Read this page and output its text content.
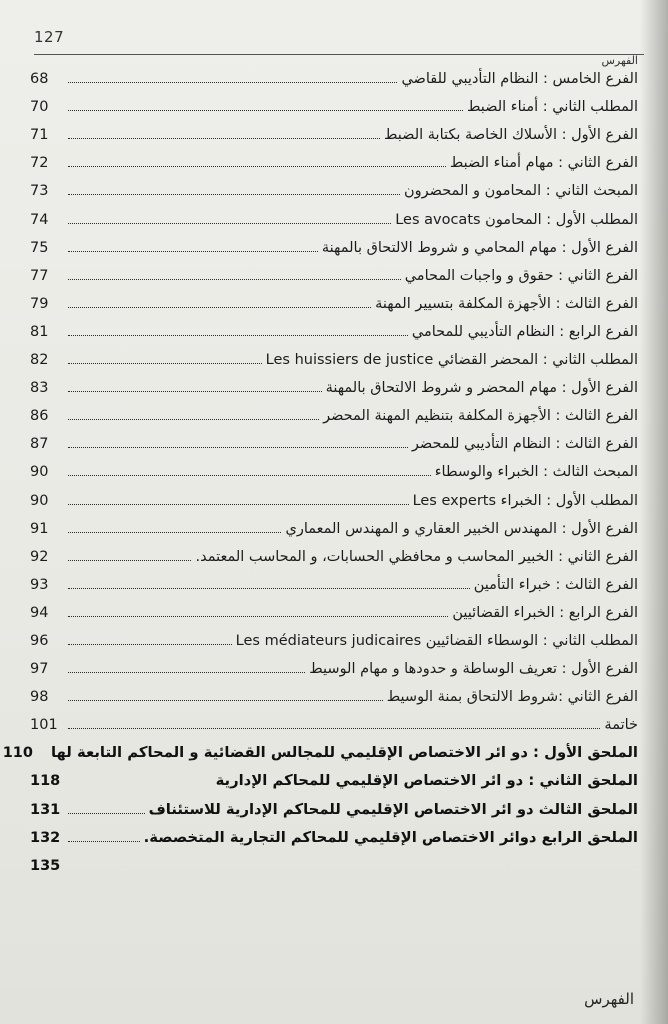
127
الفهرس
الفرع الخامس : النظام التأديبي للقاضي
68
المطلب الثاني : أمناء الضبط
70
الفرع الأول : الأسلاك الخاصة بكتابة الضبط
71
الفرع الثاني : مهام أمناء الضبط
72
المبحث الثاني : المحامون و المحضرون
73
المطلب الأول : المحامون Les avocats
74
الفرع الأول : مهام المحامي و شروط الالتحاق بالمهنة
75
الفرع الثاني : حقوق و واجبات المحامي
77
الفرع الثالث : الأجهزة المكلفة بتسيير المهنة
79
الفرع الرابع : النظام التأديبي للمحامي
81
المطلب الثاني : المحضر القضائي Les huissiers de justice
82
الفرع الأول : مهام المحضر و شروط الالتحاق بالمهنة
83
الفرع الثالث : الأجهزة المكلفة بتنظيم المهنة المحضر
86
الفرع الثالث : النظام التأديبي للمحضر
87
المبحث الثالث : الخبراء والوسطاء
90
المطلب الأول : الخبراء Les experts
90
الفرع الأول : المهندس الخبير العقاري و المهندس المعماري
91
الفرع الثاني : الخبير المحاسب و محافظي الحسابات، و المحاسب المعتمد.
92
الفرع الثالث : خبراء التأمين
93
الفرع الرابع : الخبراء القضائيين
94
المطلب الثاني : الوسطاء القضائيين Les médiateurs judicaires
96
الفرع الأول : تعريف الوساطة و حدودها و مهام الوسيط
97
الفرع الثاني :شروط الالتحاق بمنة الوسيط
98
خاتمة
101
الملحق الأول : دو ائر الاختصاص الإقليمي للمجالس القضائية و المحاكم التابعة لها
110
الملحق الثاني : دو ائر الاختصاص الإقليمي للمحاكم الإدارية
118
الملحق الثالث دو ائر الاختصاص الإقليمي للمحاكم الإدارية للاستئناف
131
الملحق الرابع دوائر الاختصاص الإقليمي للمحاكم التجارية المتخصصة.
132
135
الفهرس
